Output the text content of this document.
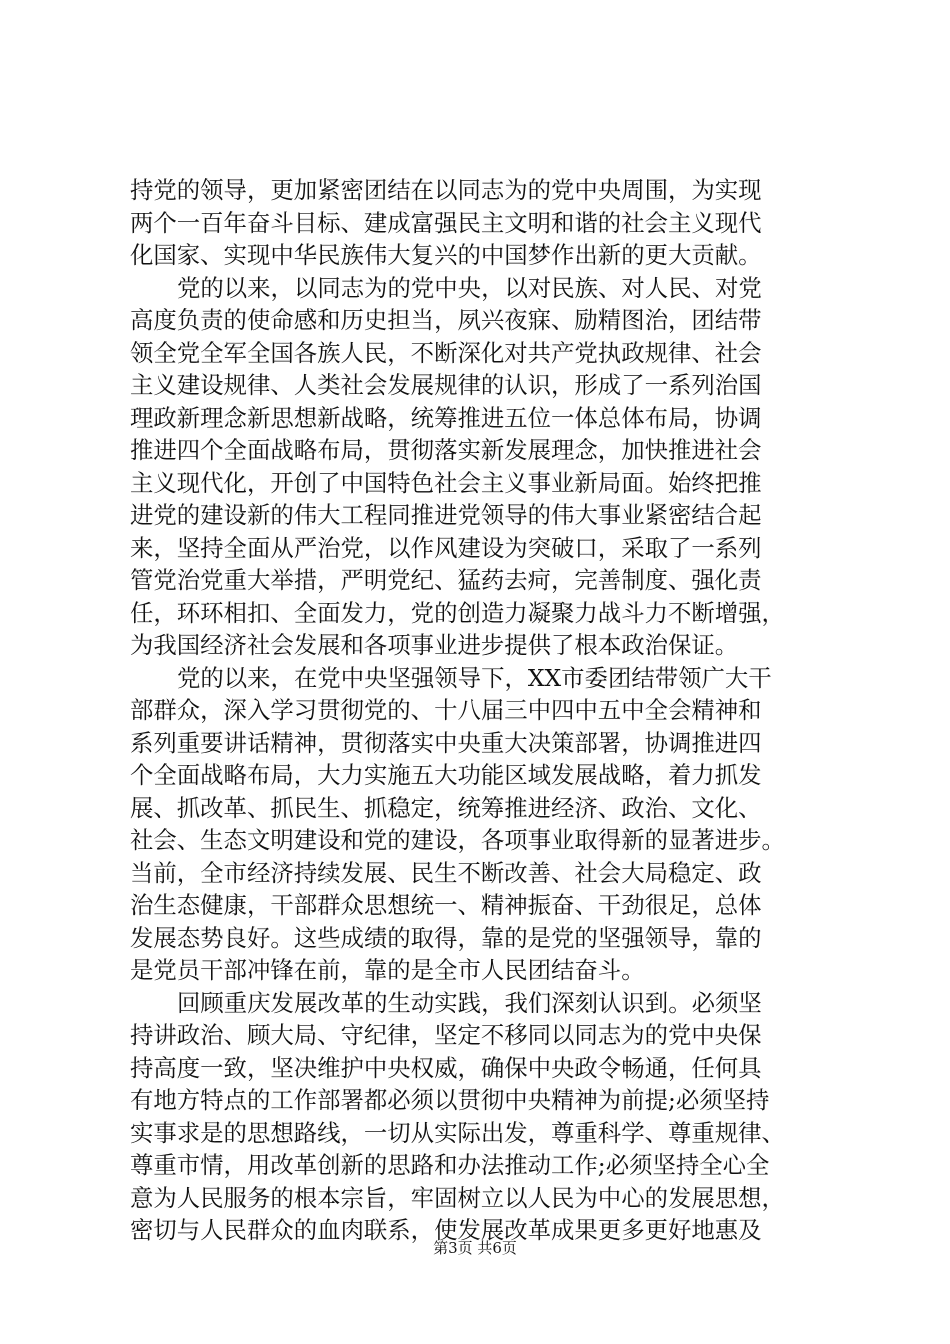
持党的领导，更加紧密团结在以同志为的党中央周围，为实现
两个一百年奋斗目标、建成富强民主文明和谐的社会主义现代
化国家、实现中华民族伟大复兴的中国梦作出新的更大贡献。
党的以来，以同志为的党中央，以对民族、对人民、对党
高度负责的使命感和历史担当，夙兴夜寐、励精图治，团结带
领全党全军全国各族人民，不断深化对共产党执政规律、社会
主义建设规律、人类社会发展规律的认识，形成了一系列治国
理政新理念新思想新战略，统筹推进五位一体总体布局，协调
推进四个全面战略布局，贯彻落实新发展理念，加快推进社会
主义现代化，开创了中国特色社会主义事业新局面。始终把推
进党的建设新的伟大工程同推进党领导的伟大事业紧密结合起
来，坚持全面从严治党，以作风建设为突破口，采取了一系列
管党治党重大举措，严明党纪、猛药去疴，完善制度、强化责
任，环环相扣、全面发力，党的创造力凝聚力战斗力不断增强，
为我国经济社会发展和各项事业进步提供了根本政治保证。
党的以来，在党中央坚强领导下，XX市委团结带领广大干
部群众，深入学习贯彻党的、十八届三中四中五中全会精神和
系列重要讲话精神，贯彻落实中央重大决策部署，协调推进四
个全面战略布局，大力实施五大功能区域发展战略，着力抓发
展、抓改革、抓民生、抓稳定，统筹推进经济、政治、文化、
社会、生态文明建设和党的建设，各项事业取得新的显著进步。
当前，全市经济持续发展、民生不断改善、社会大局稳定、政
治生态健康，干部群众思想统一、精神振奋、干劲很足，总体
发展态势良好。这些成绩的取得，靠的是党的坚强领导，靠的
是党员干部冲锋在前，靠的是全市人民团结奋斗。
回顾重庆发展改革的生动实践，我们深刻认识到。必须坚
持讲政治、顾大局、守纪律，坚定不移同以同志为的党中央保
持高度一致，坚决维护中央权威，确保中央政令畅通，任何具
有地方特点的工作部署都必须以贯彻中央精神为前提;必须坚持
实事求是的思想路线，一切从实际出发，尊重科学、尊重规律、
尊重市情，用改革创新的思路和办法推动工作;必须坚持全心全
意为人民服务的根本宗旨，牢固树立以人民为中心的发展思想，
密切与人民群众的血肉联系，使发展改革成果更多更好地惠及
第3页 共6页
